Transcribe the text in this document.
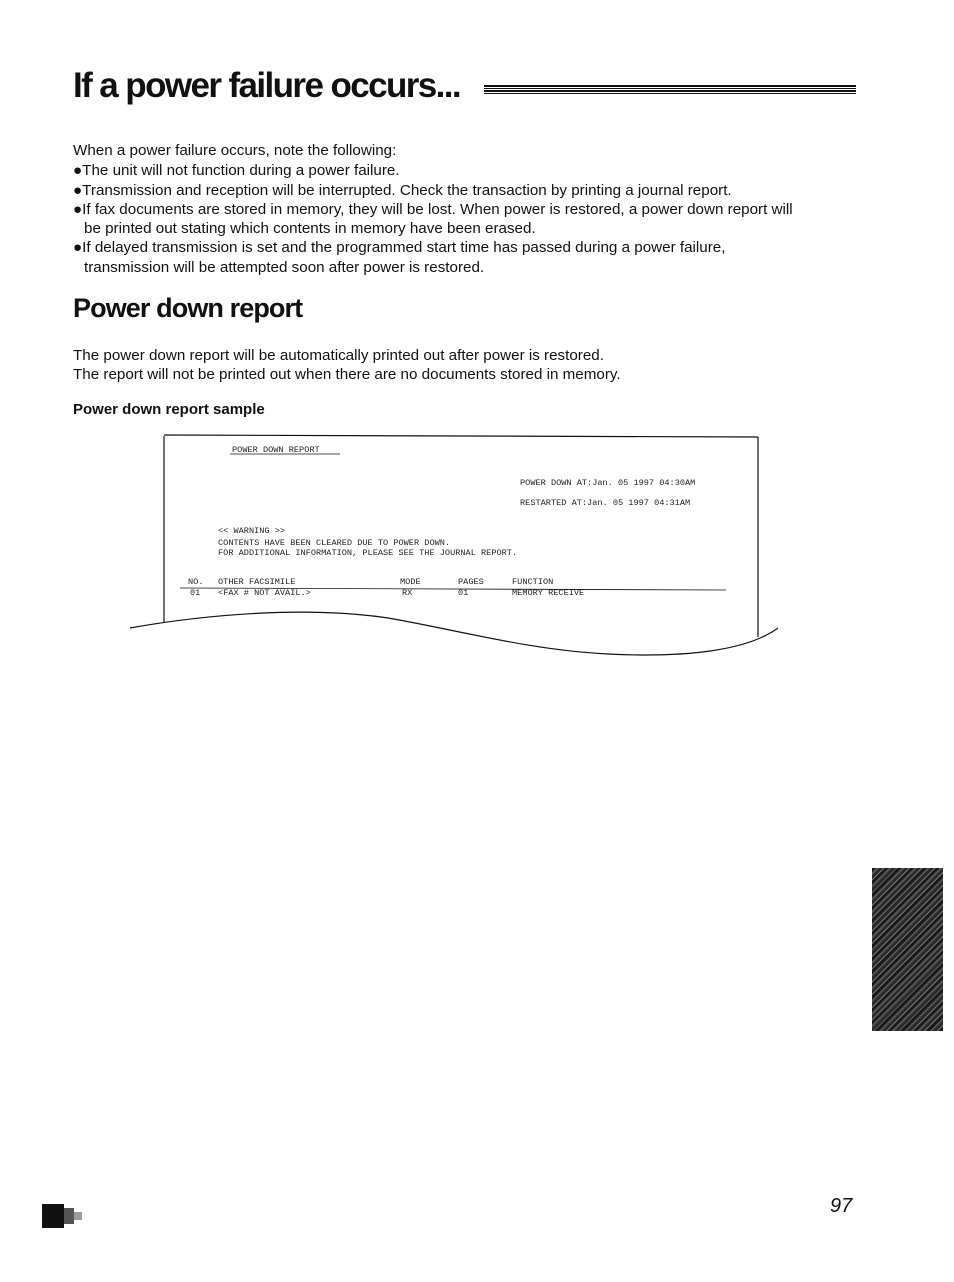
If a power failure occurs...
When a power failure occurs, note the following:
●The unit will not function during a power failure.
●Transmission and reception will be interrupted. Check the transaction by printing a journal report.
●If fax documents are stored in memory, they will be lost. When power is restored, a power down report will
be printed out stating which contents in memory have been erased.
●If delayed transmission is set and the programmed start time has passed during a power failure,
transmission will be attempted soon after power is restored.
Power down report
The power down report will be automatically printed out after power is restored.
The report will not be printed out when there are no documents stored in memory.
Power down report sample
POWER DOWN REPORT
POWER DOWN AT:Jan. 05 1997 04:30AM
RESTARTED AT:Jan. 05 1997 04:31AM
<< WARNING >>
CONTENTS HAVE BEEN CLEARED DUE TO POWER DOWN.
FOR ADDITIONAL INFORMATION, PLEASE SEE THE JOURNAL REPORT.
NO. OTHER FACSIMILE	MODE	PAGES	FUNCTION
01 <FAX # NOT AVAIL.>	RX	01	MEMORY RECEIVE
97
